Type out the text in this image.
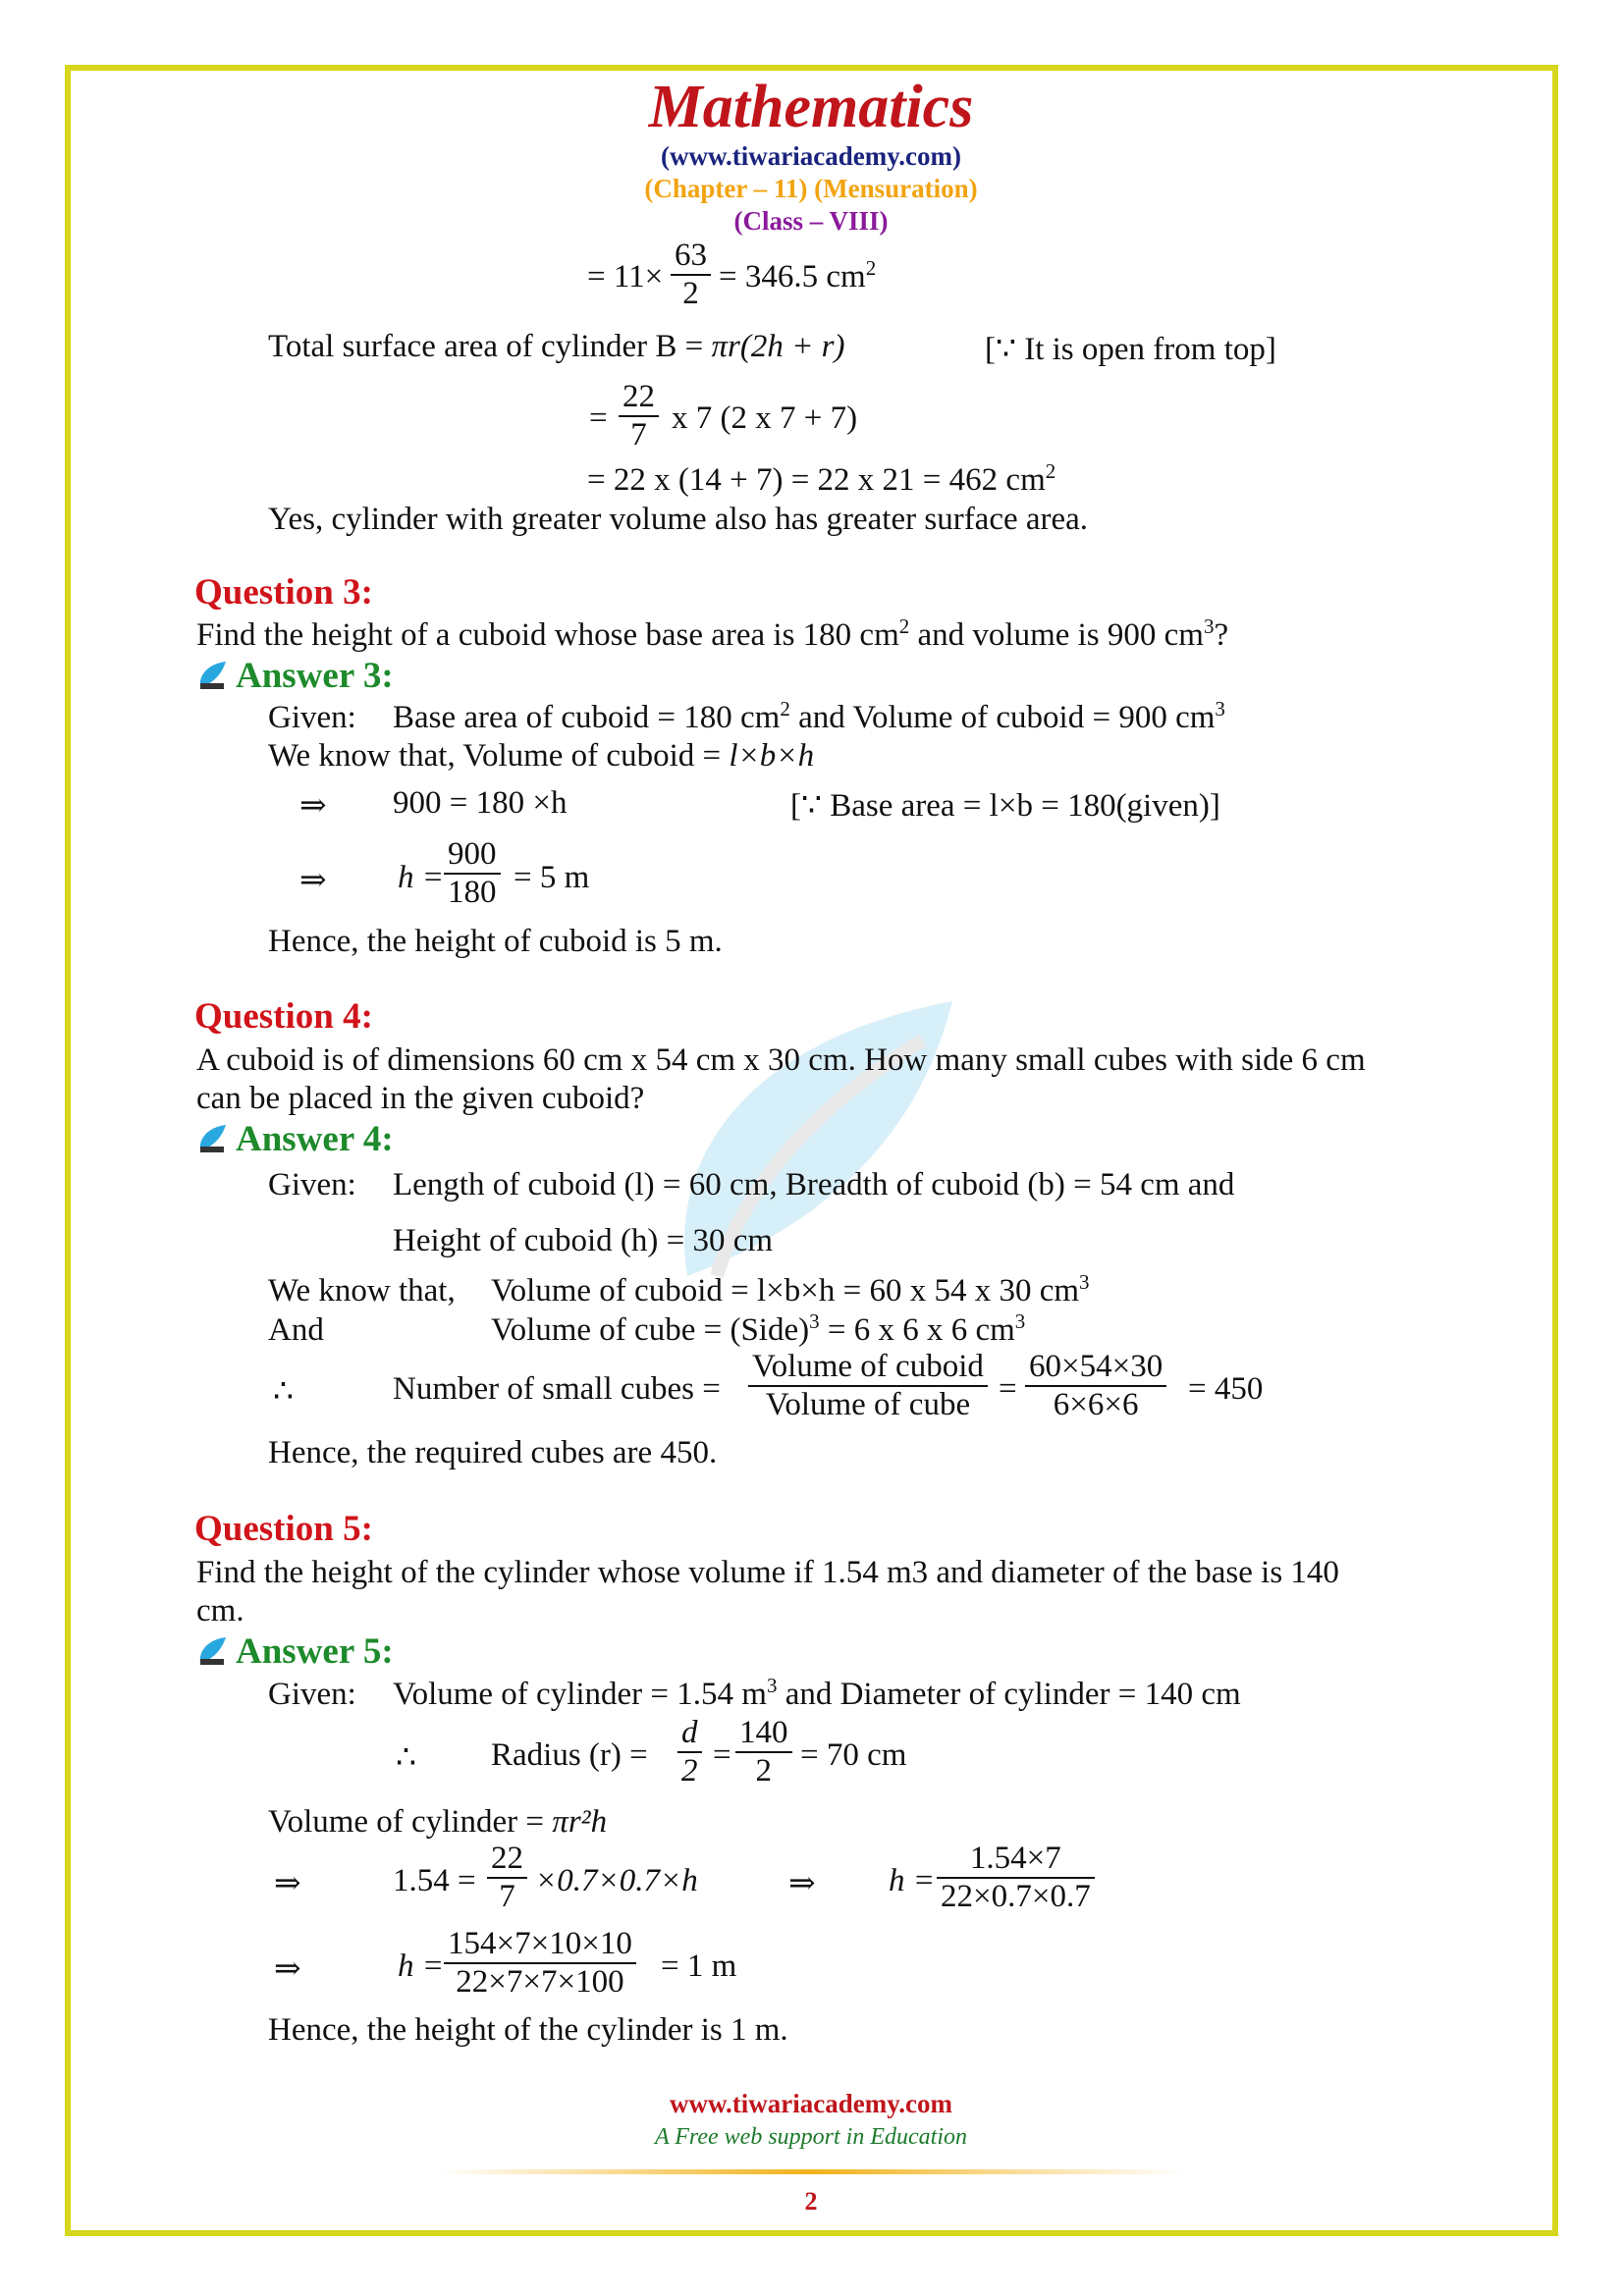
Mathematics
(www.tiwariacademy.com)
(Chapter – 11) (Mensuration)
(Class – VIII)
= $11\times \frac{63}{2} = 346.5$ $cm^2$
Total surface area of cylinder B = πr(2h + r)	[∵ It is open from top]
= $\frac{22}{7}$ x 7 (2 x 7 + 7)
= 22 x (14 + 7) = 22 x 21 = 462 $cm^2$
Yes, cylinder with greater volume also has greater surface area.
Question 3:
Find the height of a cuboid whose base area is 180 $cm^2$ and volume is 900 $cm^3$?
Answer 3:
Given: Base area of cuboid = 180 $cm^2$ and Volume of cuboid = 900 $cm^3$
We know that, Volume of cuboid = l×b×h
⇒ 900 = 180 ×h	[∵ Base area = l×b = 180(given)]
⇒ $h = \frac{900}{180} = 5$ m
Hence, the height of cuboid is 5 m.
Question 4:
A cuboid is of dimensions 60 cm x 54 cm x 30 cm. How many small cubes with side 6 cm
can be placed in the given cuboid?
Answer 4:
Given: Length of cuboid (l) = 60 cm, Breadth of cuboid (b) = 54 cm and
Height of cuboid (h) = 30 cm
We know that, Volume of cuboid = l×b×h = 60 x 54 x 30 $cm^3$
And	Volume of cube = (Side)$^3$ = 6 x 6 x 6 $cm^3$
∴	Number of small cubes =
Volume of cuboid
Volume of cube = $\frac{60\times 54\times 30}{6\times 6\times 6} = 450$
Hence, the required cubes are 450.
Question 5:
Find the height of the cylinder whose volume if 1.54 m3 and diameter of the base is 140
cm.
Answer 5:
Given: Volume of cylinder = 1.54 $m^3$ and Diameter of cylinder = 140 cm
∴ Radius $(r) = \frac{d}{2} = \frac{140}{2} = 70$ cm
Volume of cylinder = πr²h
⇒	$1.54 = \frac{22}{7} \times 0.7\times 0.7\times h$	⇒ $h = \frac{1.54\times 7}{22\times 0.7\times 0.7}$
⇒	$h = \frac{154\times 7\times 10\times 10}{22\times 7\times 7\times 100} = 1$ m
Hence, the height of the cylinder is 1 m.
www.tiwariacademy.com
A Free web support in Education
2
